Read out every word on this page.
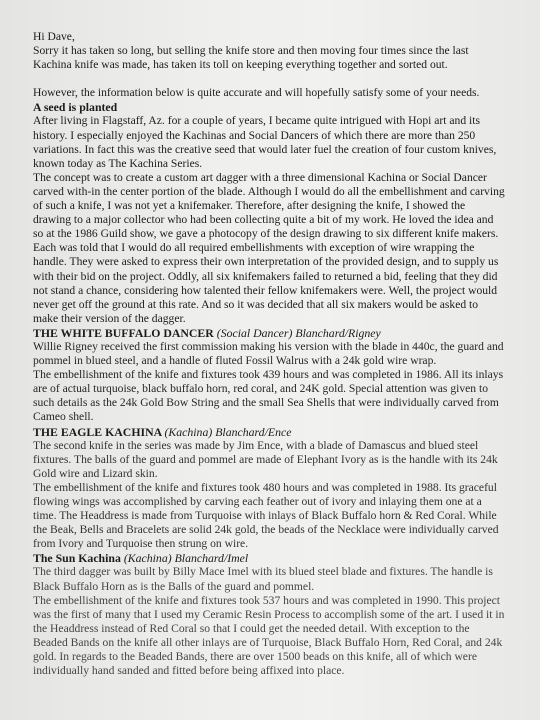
Hi Dave,

Sorry it has taken so long, but selling the knife store and then moving four times since the last Kachina knife was made, has taken its toll on keeping everything together and sorted out.

However, the information below is quite accurate and will hopefully satisfy some of your needs.

A seed is planted

After living in Flagstaff, Az. for a couple of years, I became quite intrigued with Hopi art and its history. I especially enjoyed the Kachinas and Social Dancers of which there are more than 250 variations. In fact this was the creative seed that would later fuel the creation of four custom knives, known today as The Kachina Series.

The concept was to create a custom art dagger with a three dimensional Kachina or Social Dancer carved with-in the center portion of the blade. Although I would do all the embellishment and carving of such a knife, I was not yet a knifemaker. Therefore, after designing the knife, I showed the drawing to a major collector who had been collecting quite a bit of my work. He loved the idea and so at the 1986 Guild show, we gave a photocopy of the design drawing to six different knife makers. Each was told that I would do all required embellishments with exception of wire wrapping the handle. They were asked to express their own interpretation of the provided design, and to supply us with their bid on the project. Oddly, all six knifemakers failed to returned a bid, feeling that they did not stand a chance, considering how talented their fellow knifemakers were. Well, the project would never get off the ground at this rate. And so it was decided that all six makers would be asked to make their version of the dagger.

THE WHITE BUFFALO DANCER (Social Dancer) Blanchard/Rigney

Willie Rigney received the first commission making his version with the blade in 440c, the guard and pommel in blued steel, and a handle of fluted Fossil Walrus with a 24k gold wire wrap.

The embellishment of the knife and fixtures took 439 hours and was completed in 1986. All its inlays are of actual turquoise, black buffalo horn, red coral, and 24K gold. Special attention was given to such details as the 24k Gold Bow String and the small Sea Shells that were individually carved from Cameo shell.

THE EAGLE KACHINA (Kachina) Blanchard/Ence

The second knife in the series was made by Jim Ence, with a blade of Damascus and blued steel fixtures. The balls of the guard and pommel are made of Elephant Ivory as is the handle with its 24k Gold wire and Lizard skin.

The embellishment of the knife and fixtures took 480 hours and was completed in 1988. Its graceful flowing wings was accomplished by carving each feather out of ivory and inlaying them one at a time. The Headdress is made from Turquoise with inlays of Black Buffalo horn & Red Coral. While the Beak, Bells and Bracelets are solid 24k gold, the beads of the Necklace were individually carved from Ivory and Turquoise then strung on wire.

The Sun Kachina (Kachina) Blanchard/Imel

The third dagger was built by Billy Mace Imel with its blued steel blade and fixtures. The handle is Black Buffalo Horn as is the Balls of the guard and pommel.

The embellishment of the knife and fixtures took 537 hours and was completed in 1990. This project was the first of many that I used my Ceramic Resin Process to accomplish some of the art. I used it in the Headdress instead of Red Coral so that I could get the needed detail. With exception to the Beaded Bands on the knife all other inlays are of Turquoise, Black Buffalo Horn, Red Coral, and 24k gold. In regards to the Beaded Bands, there are over 1500 beads on this knife, all of which were individually hand sanded and fitted before being affixed into place.
